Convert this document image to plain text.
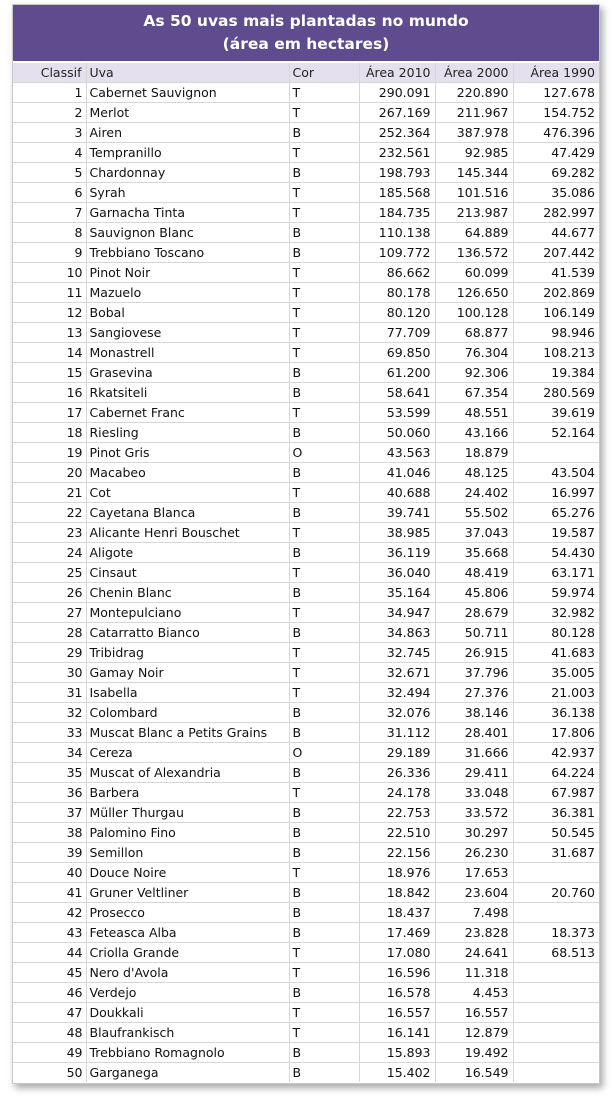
As 50 uvas mais plantadas no mundo
(área em hectares)
Classif	Uva	Cor	Área 2010	Área 2000	Área 1990
1	Cabernet Sauvignon	T	290.091	220.890	127.678
2	Merlot	T	267.169	211.967	154.752
3	Airen	B	252.364	387.978	476.396
4	Tempranillo	T	232.561	92.985	47.429
5	Chardonnay	B	198.793	145.344	69.282
6	Syrah	T	185.568	101.516	35.086
7	Garnacha Tinta	T	184.735	213.987	282.997
8	Sauvignon Blanc	B	110.138	64.889	44.677
9	Trebbiano Toscano	B	109.772	136.572	207.442
10	Pinot Noir	T	86.662	60.099	41.539
11	Mazuelo	T	80.178	126.650	202.869
12	Bobal	T	80.120	100.128	106.149
13	Sangiovese	T	77.709	68.877	98.946
14	Monastrell	T	69.850	76.304	108.213
15	Grasevina	B	61.200	92.306	19.384
16	Rkatsiteli	B	58.641	67.354	280.569
17	Cabernet Franc	T	53.599	48.551	39.619
18	Riesling	B	50.060	43.166	52.164
19	Pinot Gris	O	43.563	18.879	
20	Macabeo	B	41.046	48.125	43.504
21	Cot	T	40.688	24.402	16.997
22	Cayetana Blanca	B	39.741	55.502	65.276
23	Alicante Henri Bouschet	T	38.985	37.043	19.587
24	Aligote	B	36.119	35.668	54.430
25	Cinsaut	T	36.040	48.419	63.171
26	Chenin Blanc	B	35.164	45.806	59.974
27	Montepulciano	T	34.947	28.679	32.982
28	Catarratto Bianco	B	34.863	50.711	80.128
29	Tribidrag	T	32.745	26.915	41.683
30	Gamay Noir	T	32.671	37.796	35.005
31	Isabella	T	32.494	27.376	21.003
32	Colombard	B	32.076	38.146	36.138
33	Muscat Blanc a Petits Grains	B	31.112	28.401	17.806
34	Cereza	O	29.189	31.666	42.937
35	Muscat of Alexandria	B	26.336	29.411	64.224
36	Barbera	T	24.178	33.048	67.987
37	Müller Thurgau	B	22.753	33.572	36.381
38	Palomino Fino	B	22.510	30.297	50.545
39	Semillon	B	22.156	26.230	31.687
40	Douce Noire	T	18.976	17.653	
41	Gruner Veltliner	B	18.842	23.604	20.760
42	Prosecco	B	18.437	7.498	
43	Feteasca Alba	B	17.469	23.828	18.373
44	Criolla Grande	T	17.080	24.641	68.513
45	Nero d'Avola	T	16.596	11.318	
46	Verdejo	B	16.578	4.453	
47	Doukkali	T	16.557	16.557	
48	Blaufrankisch	T	16.141	12.879	
49	Trebbiano Romagnolo	B	15.893	19.492	
50	Garganega	B	15.402	16.549	
